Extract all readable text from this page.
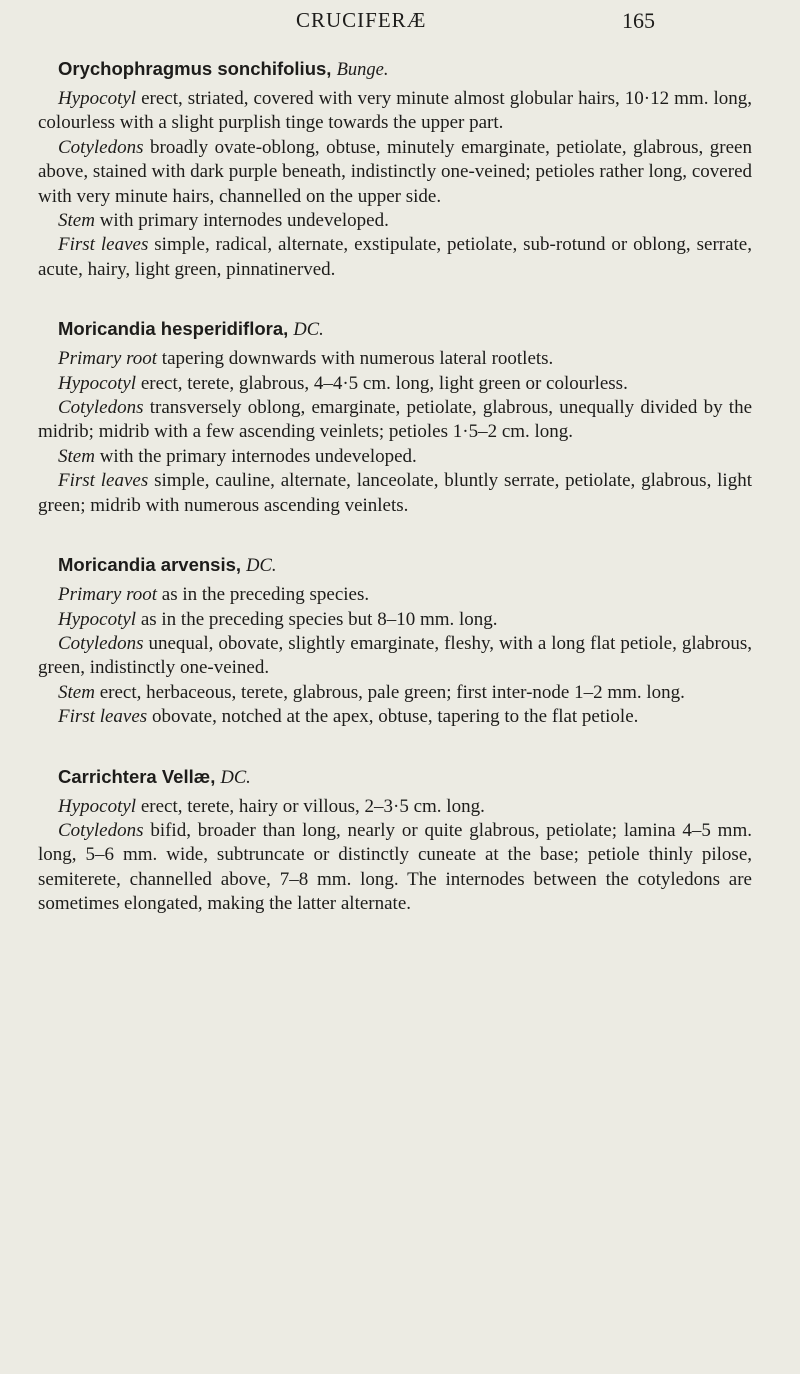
CRUCIFERÆ	165
Orychophragmus sonchifolius, Bunge.

Hypocotyl erect, striated, covered with very minute almost globular hairs, 10·12 mm. long, colourless with a slight purplish tinge towards the upper part.

Cotyledons broadly ovate-oblong, obtuse, minutely emarginate, petiolate, glabrous, green above, stained with dark purple beneath, indistinctly one-veined; petioles rather long, covered with very minute hairs, channelled on the upper side.

Stem with primary internodes undeveloped.

First leaves simple, radical, alternate, exstipulate, petiolate, sub-rotund or oblong, serrate, acute, hairy, light green, pinnatinerved.

Moricandia hesperidiflora, DC.

Primary root tapering downwards with numerous lateral rootlets.

Hypocotyl erect, terete, glabrous, 4–4·5 cm. long, light green or colourless.

Cotyledons transversely oblong, emarginate, petiolate, glabrous, unequally divided by the midrib; midrib with a few ascending veinlets; petioles 1·5–2 cm. long.

Stem with the primary internodes undeveloped.

First leaves simple, cauline, alternate, lanceolate, bluntly serrate, petiolate, glabrous, light green; midrib with numerous ascending veinlets.

Moricandia arvensis, DC.

Primary root as in the preceding species.

Hypocotyl as in the preceding species but 8–10 mm. long.

Cotyledons unequal, obovate, slightly emarginate, fleshy, with a long flat petiole, glabrous, green, indistinctly one-veined.

Stem erect, herbaceous, terete, glabrous, pale green; first inter-node 1–2 mm. long.

First leaves obovate, notched at the apex, obtuse, tapering to the flat petiole.

Carrichtera Vellæ, DC.

Hypocotyl erect, terete, hairy or villous, 2–3·5 cm. long.

Cotyledons bifid, broader than long, nearly or quite glabrous, petiolate; lamina 4–5 mm. long, 5–6 mm. wide, subtruncate or distinctly cuneate at the base; petiole thinly pilose, semiterete, channelled above, 7–8 mm. long. The internodes between the cotyledons are sometimes elongated, making the latter alternate.
